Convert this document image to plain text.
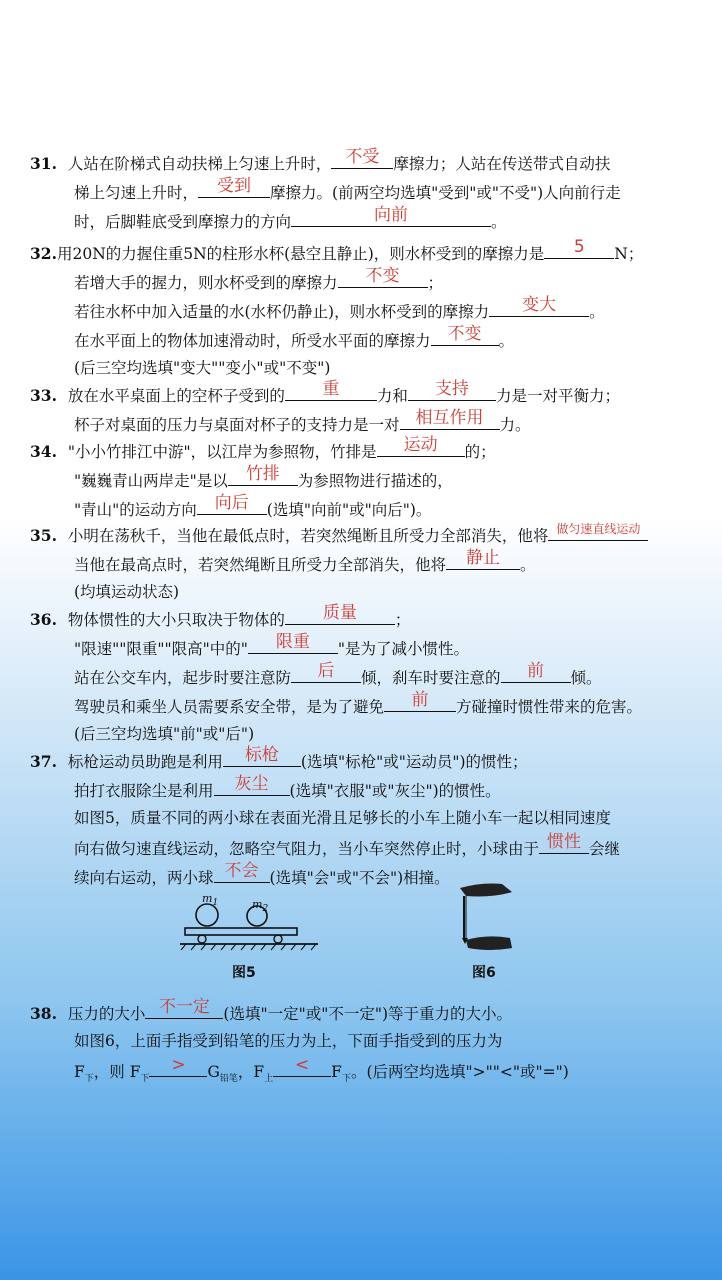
31. 人站在阶梯式自动扶梯上匀速上升时， 不受 摩擦力；人站在传送带式自动扶
梯上匀速上升时，	受到	摩擦力。(前两空均选填"受到"或"不受")人向前行走
时，后脚鞋底受到摩擦力的方向	向前	。
32.用20N的力握住重5N的柱形水杯(悬空且静止)，则水杯受到的摩擦力是	5	N；
若增大手的握力，则水杯受到的摩擦力	不变	；
若往水杯中加入适量的水(水杯仍静止)，则水杯受到的摩擦力	变大	。
在水平面上的物体加速滑动时，所受水平面的摩擦力	不变	。
(后三空均选填"变大""变小"或"不变")
33. 放在水平桌面上的空杯子受到的	重	力和	支持	力是一对平衡力；
杯子对桌面的压力与桌面对杯子的支持力是一对 相互作用	力。
34. "小小竹排江中游"，以江岸为参照物，竹排是	运动	的；
"巍巍青山两岸走"是以	竹排	为参照物进行描述的，
"青山"的运动方向	向后	(选填"向前"或"向后")。
35. 小明在荡秋千，当他在最低点时，若突然绳断且所受力全部消失，他将 做匀速直线运动
当他在最高点时，若突然绳断且所受力全部消失，他将	静止	。
(均填运动状态)
36. 物体惯性的大小只取决于物体的	质量	；
"限速""限重""限高"中的"	限重	"是为了减小惯性。
站在公交车内，起步时要注意防	后	倾，刹车时要注意的	前	倾。
驾驶员和乘坐人员需要系安全带，是为了避免	前	方碰撞时惯性带来的危害。
(后三空均选填"前"或"后")
37. 标枪运动员助跑是利用	标枪	(选填"标枪"或"运动员")的惯性；
拍打衣服除尘是利用	灰尘	(选填"衣服"或"灰尘")的惯性。
如图5，质量不同的两小球在表面光滑且足够长的小车上随小车一起以相同速度
向右做匀速直线运动，忽略空气阻力，当小车突然停止时，小球由于 惯性 会继
续向右运动，两小球 不会 (选填"会"或"不会")相撞。
$m_1$	$m_2$
图5	图6
38. 压力的大小 不一定 (选填"一定"或"不一定")等于重力的大小。
如图6，上面手指受到铅笔的压力为上，下面手指受到的压力为
$F_下$，则 $F_下$
>	$G_{铅笔}$，$F_上$
<	$F_下$。(后两空均选填">""<"或"=")
